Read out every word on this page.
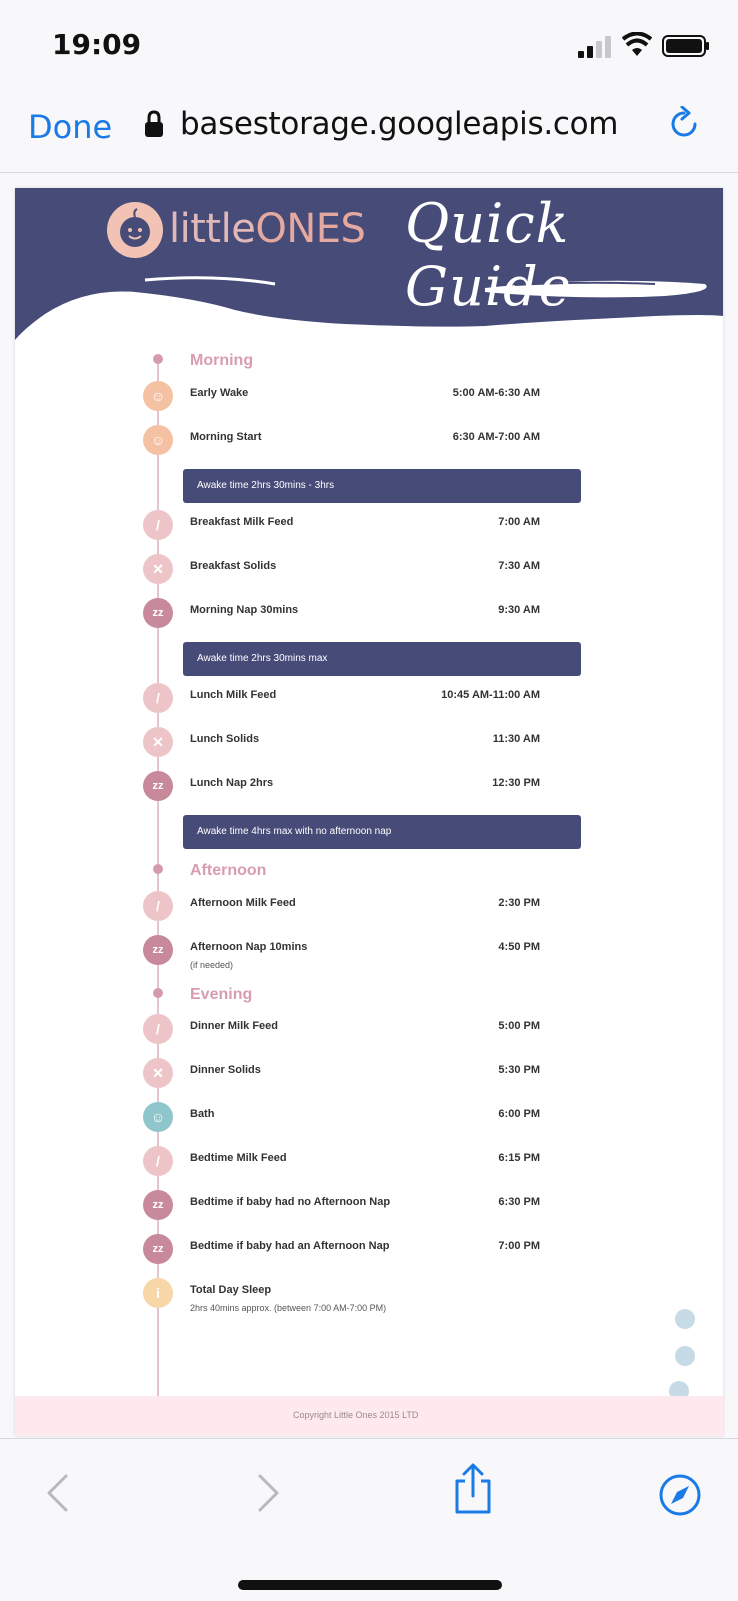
19:09
Done basestorage.googleapis.com
littleONES Quick Guide
Morning
☺	Early Wake	5:00 AM-6:30 AM
☺	Morning Start	6:30 AM-7:00 AM
Awake time 2hrs 30mins - 3hrs
/	Breakfast Milk Feed	7:00 AM
✕	Breakfast Solids	7:30 AM
zz	Morning Nap 30mins	9:30 AM
Awake time 2hrs 30mins max
/	Lunch Milk Feed	10:45 AM-11:00 AM
✕	Lunch Solids	11:30 AM
zz	Lunch Nap 2hrs	12:30 PM
Awake time 4hrs max with no afternoon nap
Afternoon
/	Afternoon Milk Feed	2:30 PM
zz	Afternoon Nap 10mins	4:50 PM
(if needed)
Evening
/	Dinner Milk Feed	5:00 PM
✕	Dinner Solids	5:30 PM
☺	Bath	6:00 PM
/	Bedtime Milk Feed	6:15 PM
zz	Bedtime if baby had no Afternoon Nap	6:30 PM
zz	Bedtime if baby had an Afternoon Nap	7:00 PM
i	Total Day Sleep
2hrs 40mins approx. (between 7:00 AM-7:00 PM)
Copyright Little Ones 2015 LTD
